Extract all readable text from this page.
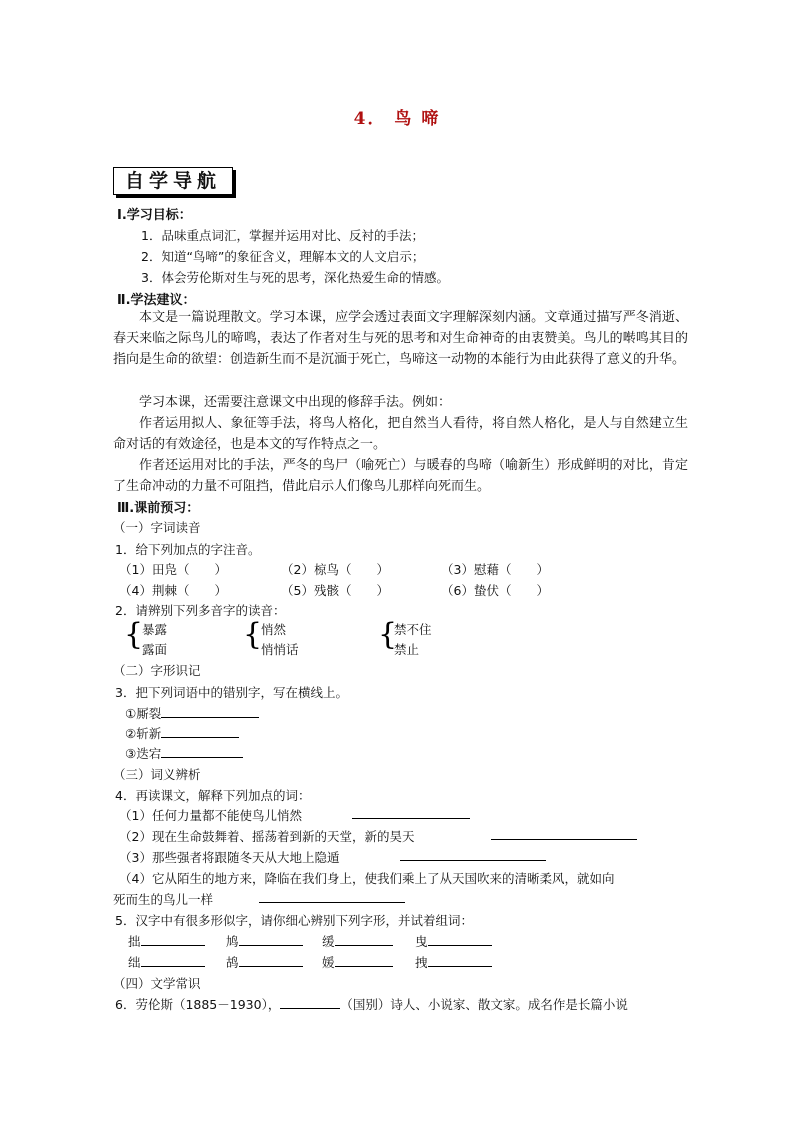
4． 鸟 啼
自学导航
Ⅰ.学习目标：
1．品味重点词汇，掌握并运用对比、反衬的手法；
2．知道“鸟啼”的象征含义，理解本文的人文启示；
3．体会劳伦斯对生与死的思考，深化热爱生命的情感。
Ⅱ.学法建议：
本文是一篇说理散文。学习本课，应学会透过表面文字理解深刻内涵。文章通过描写严冬消逝、春天来临之际鸟儿的啼鸣，表达了作者对生与死的思考和对生命神奇的由衷赞美。鸟儿的啭鸣其目的指向是生命的欲望：创造新生而不是沉湎于死亡，鸟啼这一动物的本能行为由此获得了意义的升华。
学习本课，还需要注意课文中出现的修辞手法。例如：
作者运用拟人、象征等手法，将鸟人格化，把自然当人看待，将自然人格化，是人与自然建立生命对话的有效途径，也是本文的写作特点之一。
作者还运用对比的手法，严冬的鸟尸（喻死亡）与暖春的鸟啼（喻新生）形成鲜明的对比，肯定了生命冲动的力量不可阻挡，借此启示人们像鸟儿那样向死而生。
Ⅲ.课前预习：
（一）字词读音
1．给下列加点的字注音。
（1）田凫（　　）	（2）椋鸟（　　）	（3）慰藉（　　）
（4）荆棘（　　）	（5）残骸（　　）	（6）蛰伏（　　）
2．请辨别下列多音字的读音：
{
暴露
露面	{
悄然
悄悄话	{
禁不住
禁止
（二）字形识记
3．把下列词语中的错别字，写在横线上。
①厮裂
②斩新
③迭宕
（三）词义辨析
4．再读课文，解释下列加点的词：
（1）任何力量都不能使鸟儿悄然
（2）现在生命鼓舞着、摇荡着到新的天堂，新的昊天
（3）那些强者将跟随冬天从大地上隐遁
（4）它从陌生的地方来，降临在我们身上，使我们乘上了从天国吹来的清晰柔风，就如向
死而生的鸟儿一样
5．汉字中有很多形似字，请你细心辨别下列字形，并试着组词：
拙	鸠	缓	曳
绌	鸪	媛	拽
（四）文学常识
6．劳伦斯（1885－1930），	（国别）诗人、小说家、散文家。成名作是长篇小说
